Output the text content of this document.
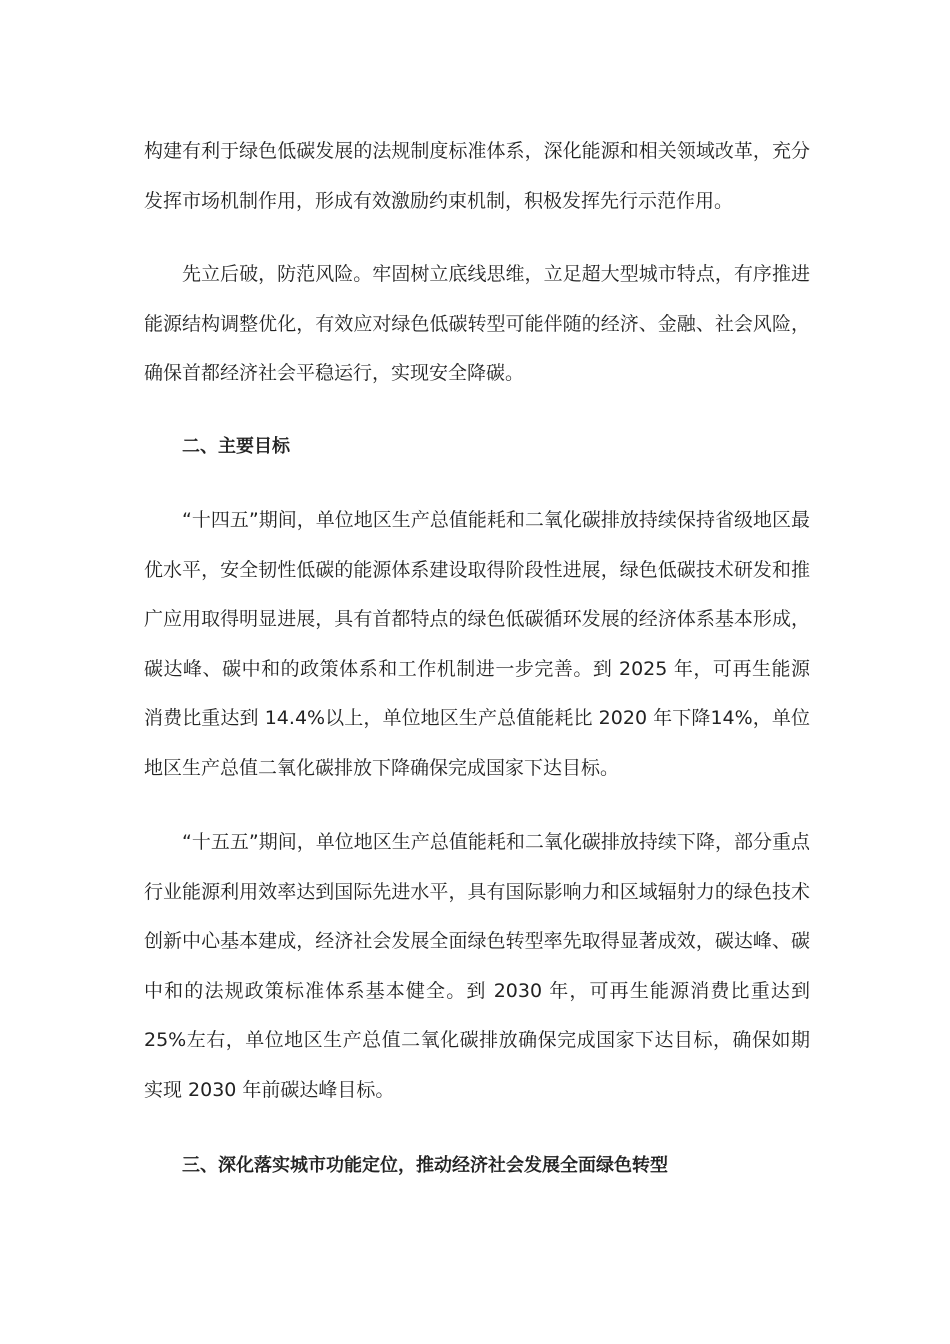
构建有利于绿色低碳发展的法规制度标准体系，深化能源和相关领域改革，充分发挥市场机制作用，形成有效激励约束机制，积极发挥先行示范作用。

先立后破，防范风险。牢固树立底线思维，立足超大型城市特点，有序推进能源结构调整优化，有效应对绿色低碳转型可能伴随的经济、金融、社会风险，确保首都经济社会平稳运行，实现安全降碳。

二、主要目标

“十四五”期间，单位地区生产总值能耗和二氧化碳排放持续保持省级地区最优水平，安全韧性低碳的能源体系建设取得阶段性进展，绿色低碳技术研发和推广应用取得明显进展，具有首都特点的绿色低碳循环发展的经济体系基本形成，碳达峰、碳中和的政策体系和工作机制进一步完善。到 2025 年，可再生能源消费比重达到 14.4%以上，单位地区生产总值能耗比 2020 年下降14%，单位地区生产总值二氧化碳排放下降确保完成国家下达目标。

“十五五”期间，单位地区生产总值能耗和二氧化碳排放持续下降，部分重点行业能源利用效率达到国际先进水平，具有国际影响力和区域辐射力的绿色技术创新中心基本建成，经济社会发展全面绿色转型率先取得显著成效，碳达峰、碳中和的法规政策标准体系基本健全。到 2030 年，可再生能源消费比重达到 25%左右，单位地区生产总值二氧化碳排放确保完成国家下达目标，确保如期实现 2030 年前碳达峰目标。

三、深化落实城市功能定位，推动经济社会发展全面绿色转型
